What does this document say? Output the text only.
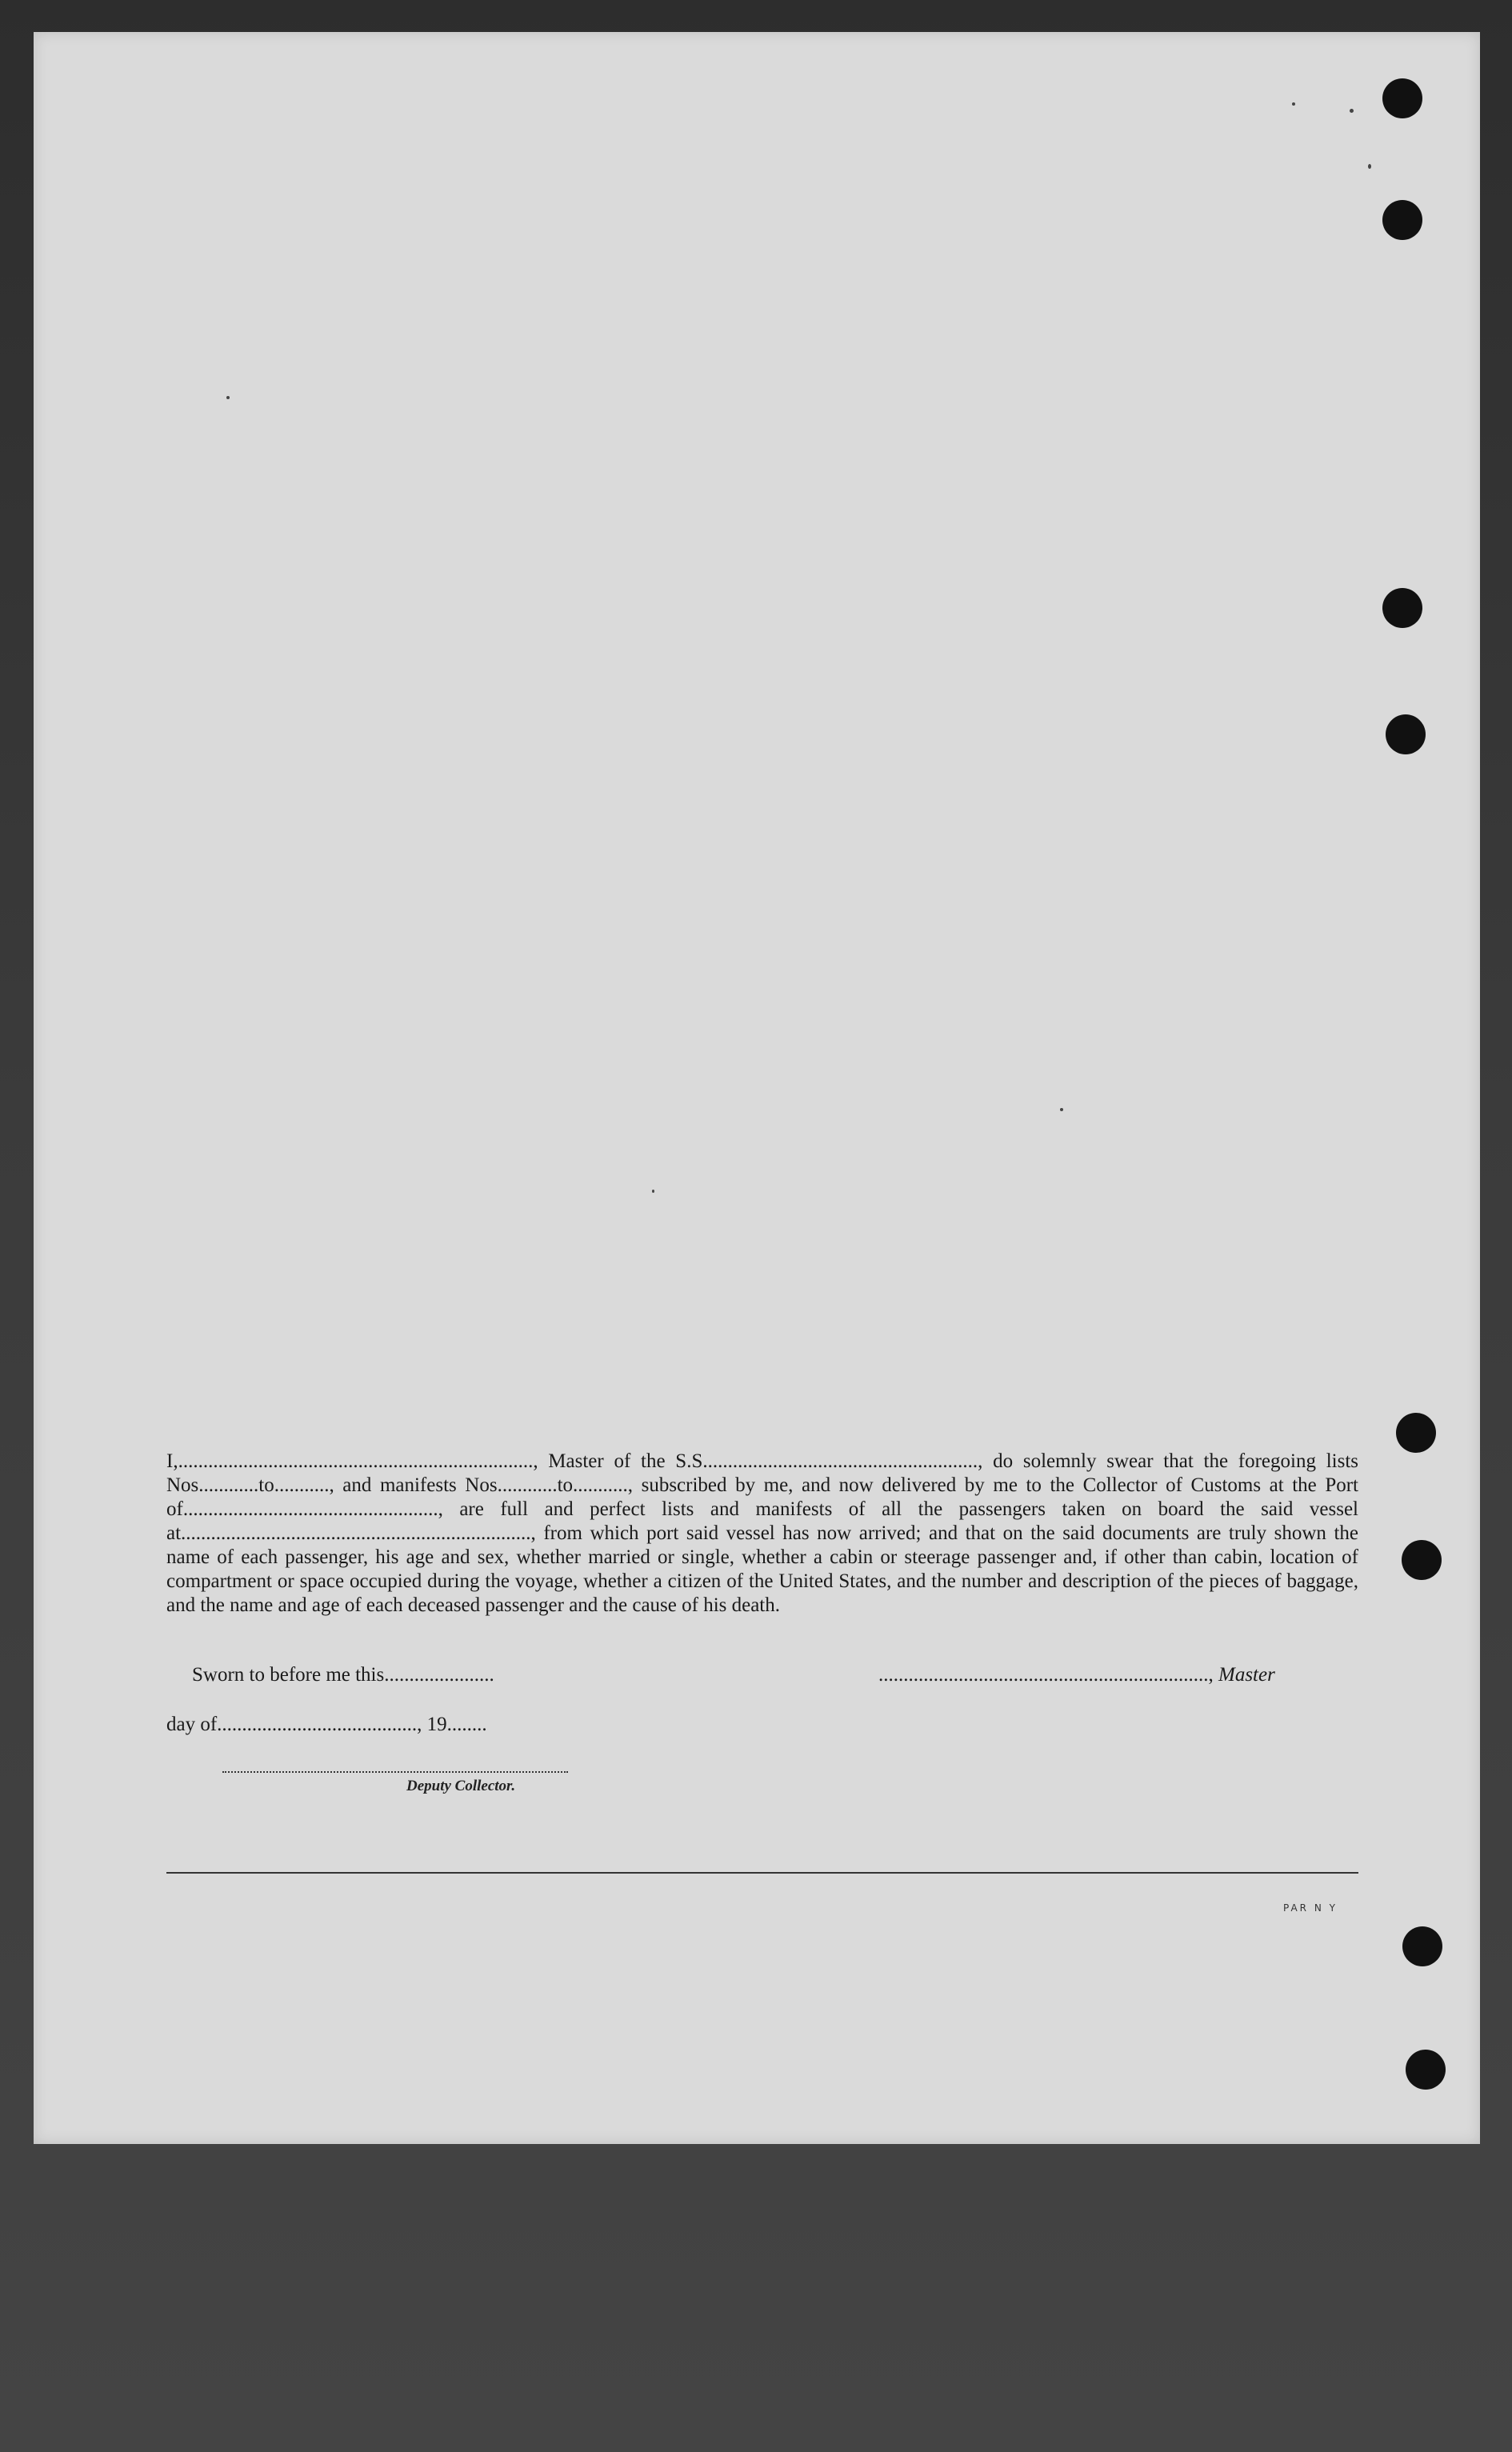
I,......................................................................., Master of the S.S......................................................., do solemnly swear that the foregoing lists Nos............to..........., and manifests Nos............to..........., subscribed by me, and now delivered by me to the Collector of Customs at the Port of..................................................., are full and perfect lists and manifests of all the passengers taken on board the said vessel at......................................................................, from which port said vessel has now arrived; and that on the said documents are truly shown the name of each passenger, his age and sex, whether married or single, whether a cabin or steerage passenger and, if other than cabin, location of compartment or space occupied during the voyage, whether a citizen of the United States, and the number and description of the pieces of baggage, and the name and age of each deceased passenger and the cause of his death.

Sworn to before me this......................	.................................................................., Master
day of........................................, 19........
Deputy Collector.
PAR N Y
